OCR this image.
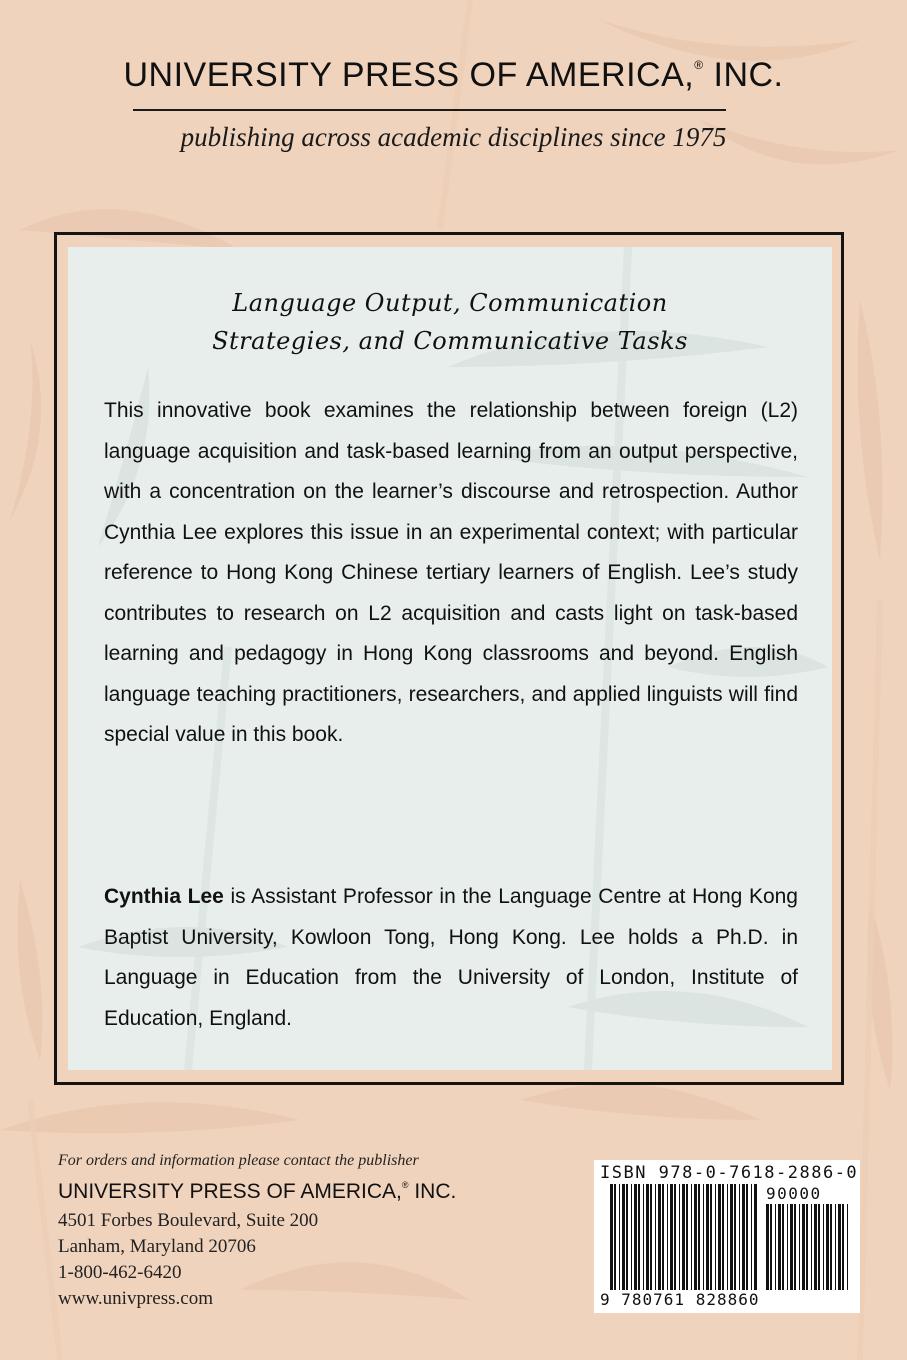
UNIVERSITY PRESS OF AMERICA,® INC.
publishing across academic disciplines since 1975
Language Output, Communication
Strategies, and Communicative Tasks
This innovative book examines the relationship between foreign (L2) language acquisition and task-based learning from an output perspective, with a concentration on the learner’s discourse and retrospection. Author Cynthia Lee explores this issue in an experimental context; with particular reference to Hong Kong Chinese tertiary learners of English. Lee’s study contributes to research on L2 acquisition and casts light on task-based learning and pedagogy in Hong Kong classrooms and beyond. English language teaching practitioners, researchers, and applied linguists will find special value in this book.
Cynthia Lee is Assistant Professor in the Language Centre at Hong Kong Baptist University, Kowloon Tong, Hong Kong. Lee holds a Ph.D. in Language in Education from the University of London, Institute of Education, England.
For orders and information please contact the publisher
UNIVERSITY PRESS OF AMERICA,® INC.
4501 Forbes Boulevard, Suite 200
Lanham, Maryland 20706
1-800-462-6420
www.univpress.com
ISBN 978-0-7618-2886-0
90000
9 780761 828860
